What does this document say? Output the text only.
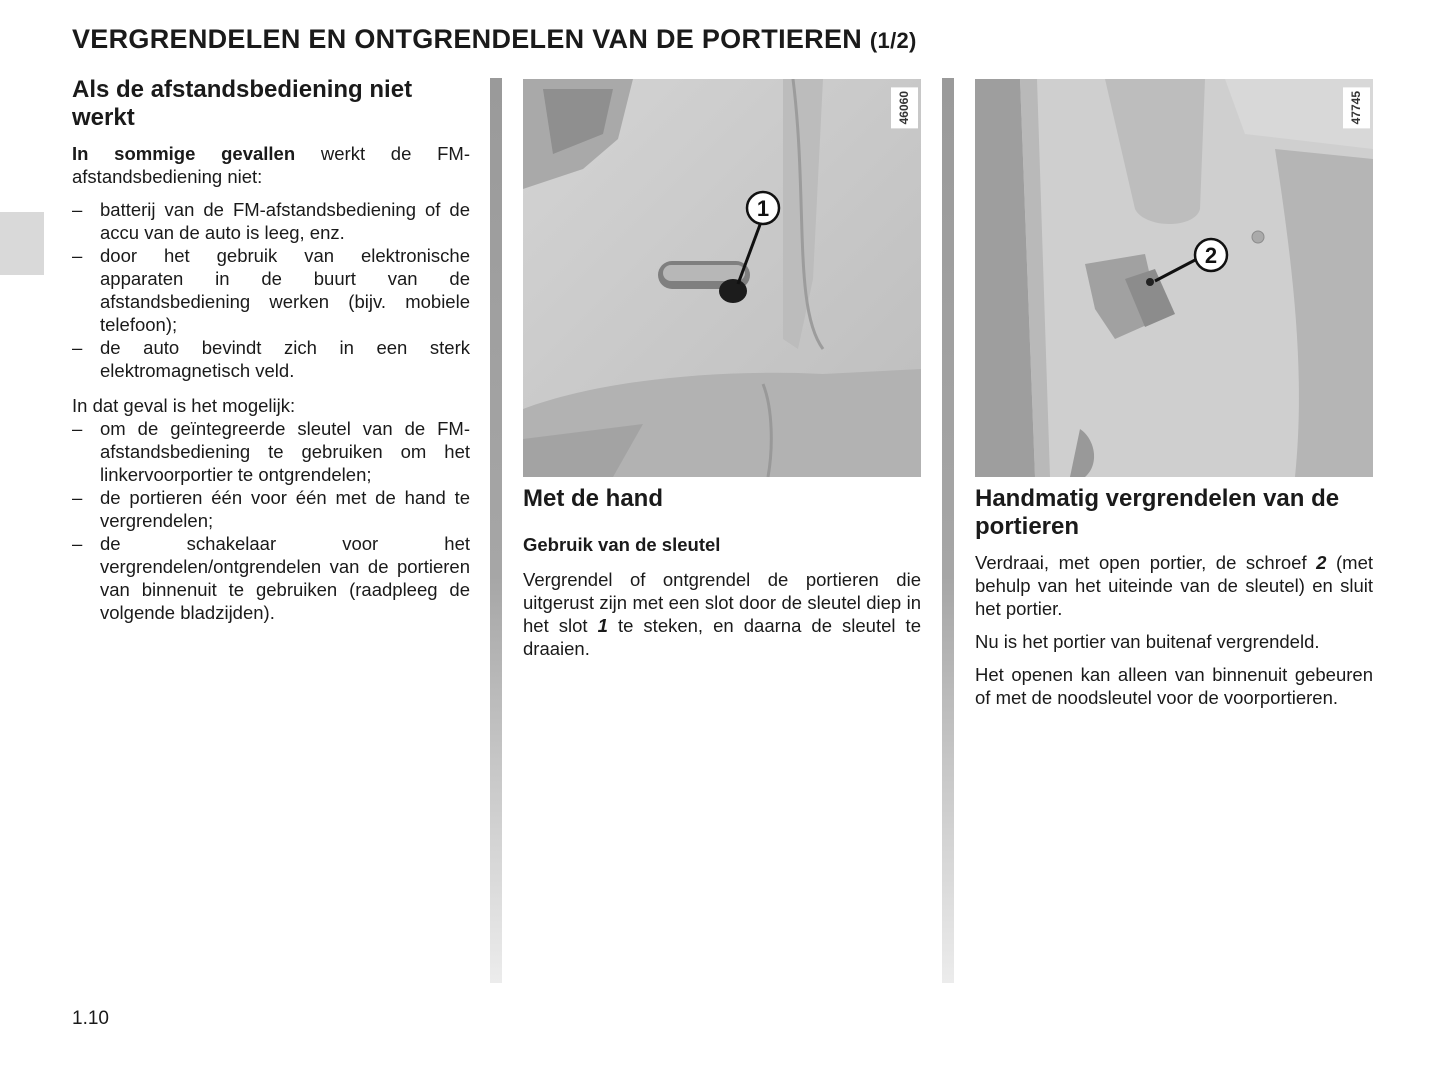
VERGRENDELEN EN ONTGRENDELEN VAN DE PORTIEREN (1/2)
Als de afstandsbediening niet werkt

In sommige gevallen werkt de FM-afstandsbediening niet:

– batterij van de FM-afstandsbediening of de accu van de auto is leeg, enz.
– door het gebruik van elektronische apparaten in de buurt van de afstandsbediening werken (bijv. mobiele telefoon);
– de auto bevindt zich in een sterk elektromagnetisch veld.

In dat geval is het mogelijk:

– om de geïntegreerde sleutel van de FM-afstandsbediening te gebruiken om het linkervoorportier te ontgrendelen;
– de portieren één voor één met de hand te vergrendelen;
– de schakelaar voor het vergrendelen/ontgrendelen van de portieren van binnenuit te gebruiken (raadpleeg de volgende bladzijden).
1
46060
Met de hand
Gebruik van de sleutel

Vergrendel of ontgrendel de portieren die uitgerust zijn met een slot door de sleutel diep in het slot 1 te steken, en daarna de sleutel te draaien.

2
47745
Handmatig vergrendelen van de portieren

Verdraai, met open portier, de schroef 2 (met behulp van het uiteinde van de sleutel) en sluit het portier.

Nu is het portier van buitenaf vergrendeld.

Het openen kan alleen van binnenuit gebeuren of met de noodsleutel voor de voorportieren.

1.10
